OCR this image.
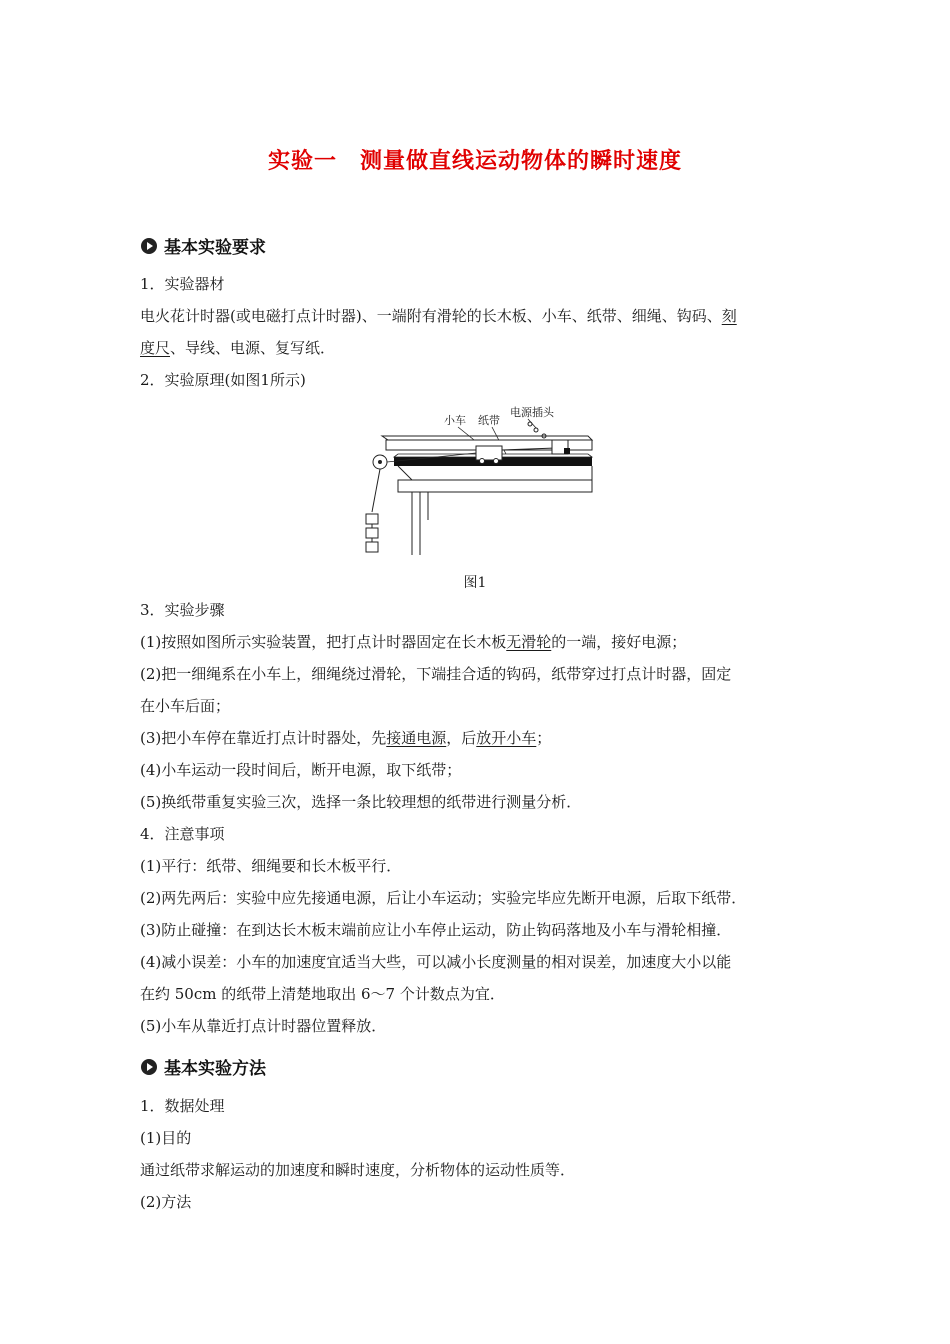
实验一　测量做直线运动物体的瞬时速度
基本实验要求
1．实验器材
电火花计时器(或电磁打点计时器)、一端附有滑轮的长木板、小车、纸带、细绳、钩码、刻
度尺、导线、电源、复写纸．
2．实验原理(如图1所示)
小车 纸带
电源插头
图1
3．实验步骤
(1)按照如图所示实验装置，把打点计时器固定在长木板无滑轮的一端，接好电源；
(2)把一细绳系在小车上，细绳绕过滑轮，下端挂合适的钩码，纸带穿过打点计时器，固定
在小车后面；
(3)把小车停在靠近打点计时器处，先接通电源，后放开小车；
(4)小车运动一段时间后，断开电源，取下纸带；
(5)换纸带重复实验三次，选择一条比较理想的纸带进行测量分析．
4．注意事项
(1)平行：纸带、细绳要和长木板平行．
(2)两先两后：实验中应先接通电源，后让小车运动；实验完毕应先断开电源，后取下纸带．
(3)防止碰撞：在到达长木板末端前应让小车停止运动，防止钩码落地及小车与滑轮相撞．
(4)减小误差：小车的加速度宜适当大些，可以减小长度测量的相对误差，加速度大小以能
在约 50cm 的纸带上清楚地取出 6～7 个计数点为宜．
(5)小车从靠近打点计时器位置释放．
基本实验方法
1．数据处理
(1)目的
通过纸带求解运动的加速度和瞬时速度，分析物体的运动性质等．
(2)方法
